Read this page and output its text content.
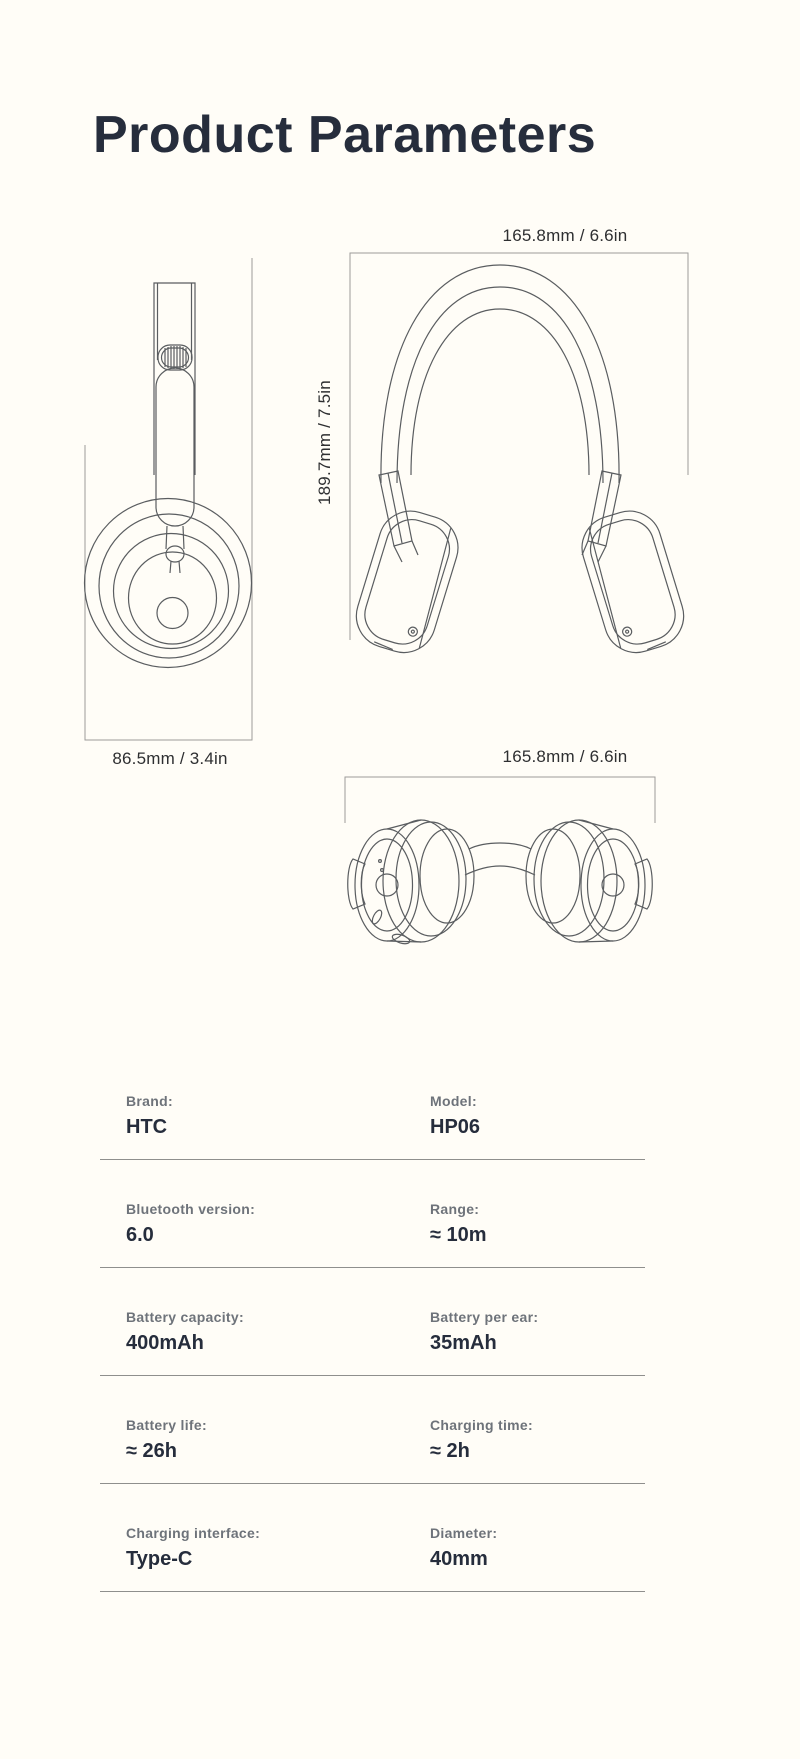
Product Parameters
165.8mm / 6.6in
189.7mm / 7.5in
86.5mm / 3.4in	165.8mm / 6.6in
Brand:
HTC
Model:
HP06
Bluetooth version:
6.0
Range:
≈ 10m
Battery capacity:
400mAh
Battery per ear:
35mAh
Battery life:
≈ 26h
Charging time:
≈ 2h
Charging interface:
Type-C
Diameter:
40mm
